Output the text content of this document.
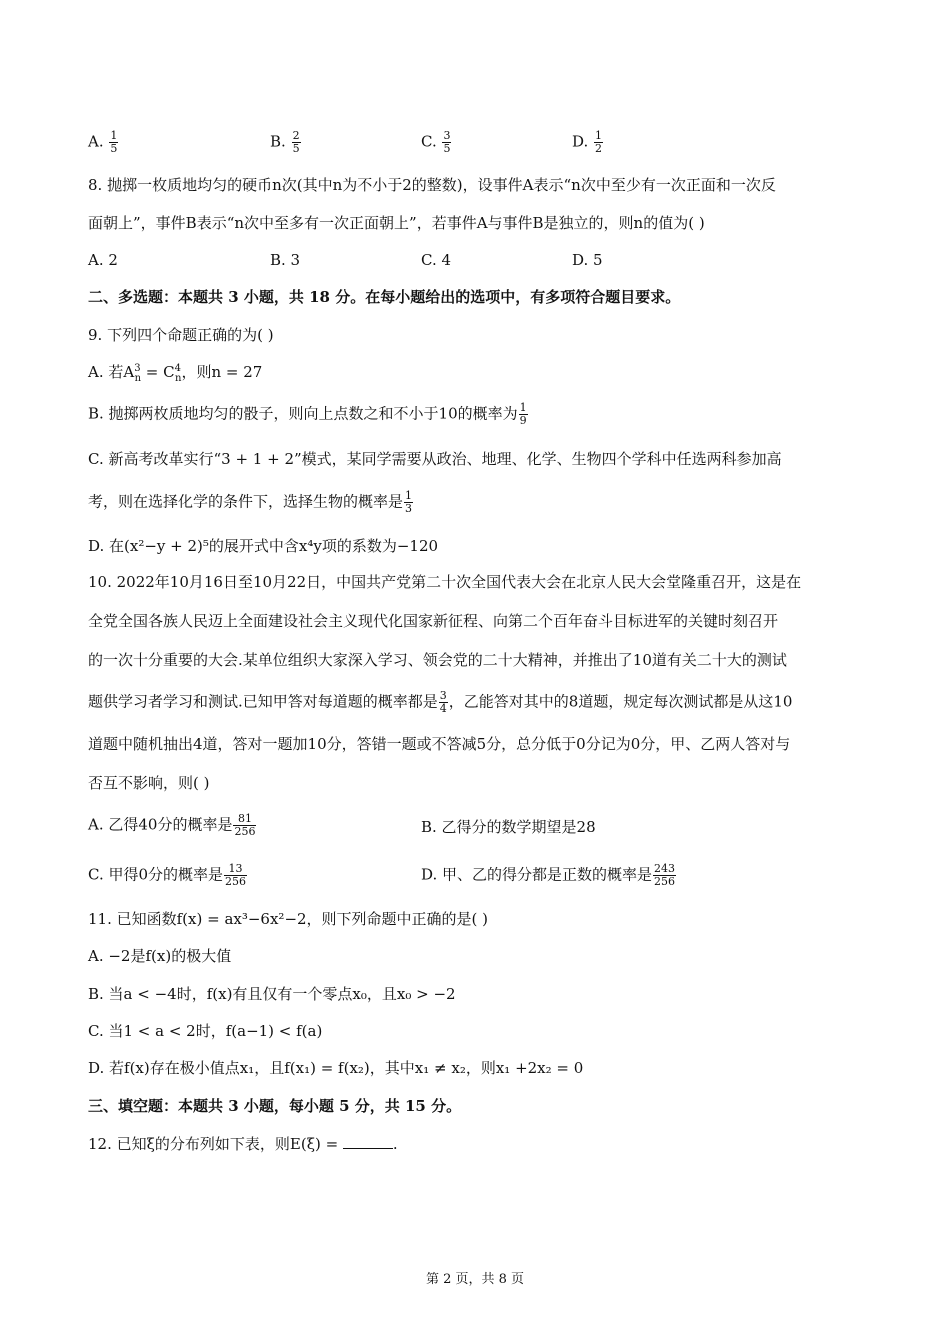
A. $\frac{1}{5}$	B. $\frac{2}{5}$	C. $\frac{3}{5}$	D. $\frac{1}{2}$
8. 抛掷一枚质地均匀的硬币n次(其中n为不小于2的整数)，设事件A表示“n次中至少有一次正面和一次反
面朝上”，事件B表示“n次中至多有一次正面朝上”，若事件A与事件B是独立的，则n的值为( )
A. 2	B. 3	C. 4	D. 5
二、多选题：本题共 3 小题，共 18 分。在每小题给出的选项中，有多项符合题目要求。
9. 下列四个命题正确的为( )
A. 若$A^3_n = C^4_n$，则n = 27
B. 抛掷两枚质地均匀的骰子，则向上点数之和不小于10的概率为 $\frac{1}{9}$
C. 新高考改革实行“3 + 1 + 2”模式，某同学需要从政治、地理、化学、生物四个学科中任选两科参加高
考，则在选择化学的条件下，选择生物的概率是 $\frac{1}{3}$
D. 在(x²−y + 2)⁵的展开式中含x⁴y项的系数为−120
10. 2022年10月16日至10月22日，中国共产党第二十次全国代表大会在北京人民大会堂隆重召开，这是在
全党全国各族人民迈上全面建设社会主义现代化国家新征程、向第二个百年奋斗目标进军的关键时刻召开
的一次十分重要的大会.某单位组织大家深入学习、领会党的二十大精神，并推出了10道有关二十大的测试
题供学习者学习和测试.已知甲答对每道题的概率都是 $\frac{3}{4}$ ，乙能答对其中的8道题，规定每次测试都是从这10
道题中随机抽出4道，答对一题加10分，答错一题或不答减5分，总分低于0分记为0分，甲、乙两人答对与
否互不影响，则( )
A. 乙得40分的概率是 $\frac{81}{256}$	B. 乙得分的数学期望是28
C. 甲得0分的概率是 $\frac{13}{256}$	D. 甲、乙的得分都是正数的概率是 $\frac{243}{256}$
11. 已知函数f(x) = ax³−6x²−2，则下列命题中正确的是( )
A. −2是f(x)的极大值
B. 当a < −4时，f(x)有且仅有一个零点x₀，且x₀ > −2
C. 当1 < a < 2时，f(a−1) < f(a)
D. 若f(x)存在极小值点x₁，且f(x₁) = f(x₂)，其中x₁ ≠ x₂，则x₁ +2x₂ = 0
三、填空题：本题共 3 小题，每小题 5 分，共 15 分。
12. 已知ξ的分布列如下表，则E(ξ) =	.
第 2 页，共 8 页
